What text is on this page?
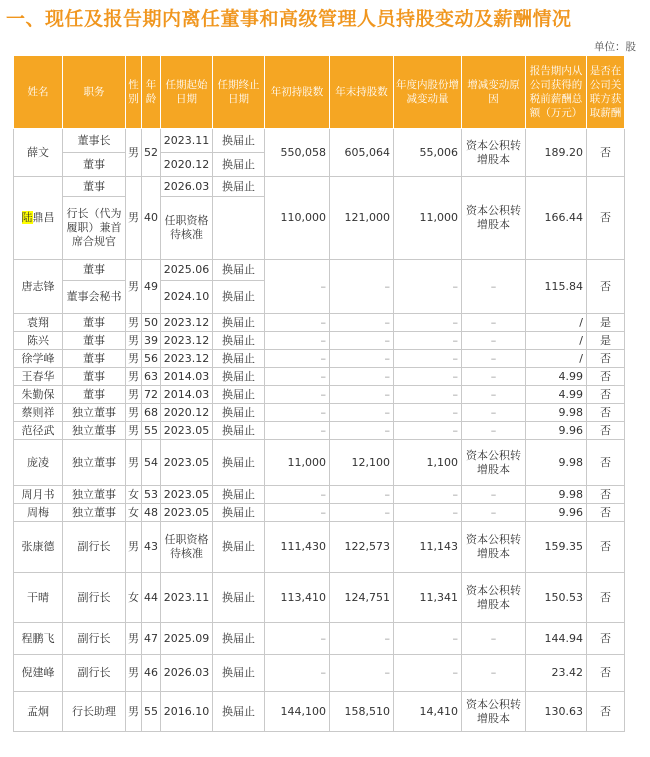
一、现任及报告期内离任董事和高级管理人员持股变动及薪酬情况
单位：股
姓名	职务	性别	年龄	任期起始日期	任期终止日期	年初持股数	年末持股数	年度内股份增减变动量	增减变动原因	报告期内从公司获得的税前薪酬总额（万元）	是否在公司关联方获取薪酬
薛文	董事长	男	52	2023.11	换届止	550,058	605,064	55,006	资本公积转增股本	189.20	否
	董事			2020.12	换届止						
陆鼎昌	董事	男	40	2026.03	换届止	110,000	121,000	11,000	资本公积转增股本	166.44	否
	行长（代为履职）兼首席合规官			任职资格待核准							
唐志锋	董事	男	49	2025.06	换届止	–	–	–	–	115.84	否
	董事会秘书			2024.10	换届止						
袁翔	董事	男	50	2023.12	换届止	–	–	–	–	/	是
陈兴	董事	男	39	2023.12	换届止	–	–	–	–	/	是
徐学峰	董事	男	56	2023.12	换届止	–	–	–	–	/	否
王春华	董事	男	63	2014.03	换届止	–	–	–	–	4.99	否
朱勤保	董事	男	72	2014.03	换届止	–	–	–	–	4.99	否
蔡则祥	独立董事	男	68	2020.12	换届止	–	–	–	–	9.98	否
范径武	独立董事	男	55	2023.05	换届止	–	–	–	–	9.96	否
庞凌	独立董事	男	54	2023.05	换届止	11,000	12,100	1,100	资本公积转增股本	9.98	否
周月书	独立董事	女	53	2023.05	换届止	–	–	–	–	9.98	否
周梅	独立董事	女	48	2023.05	换届止	–	–	–	–	9.96	否
张康德	副行长	男	43	任职资格待核准	换届止	111,430	122,573	11,143	资本公积转增股本	159.35	否
干晴	副行长	女	44	2023.11	换届止	113,410	124,751	11,341	资本公积转增股本	150.53	否
程鹏飞	副行长	男	47	2025.09	换届止	–	–	–	–	144.94	否
倪建峰	副行长	男	46	2026.03	换届止	–	–	–	–	23.42	否
孟炯	行长助理	男	55	2016.10	换届止	144,100	158,510	14,410	资本公积转增股本	130.63	否
